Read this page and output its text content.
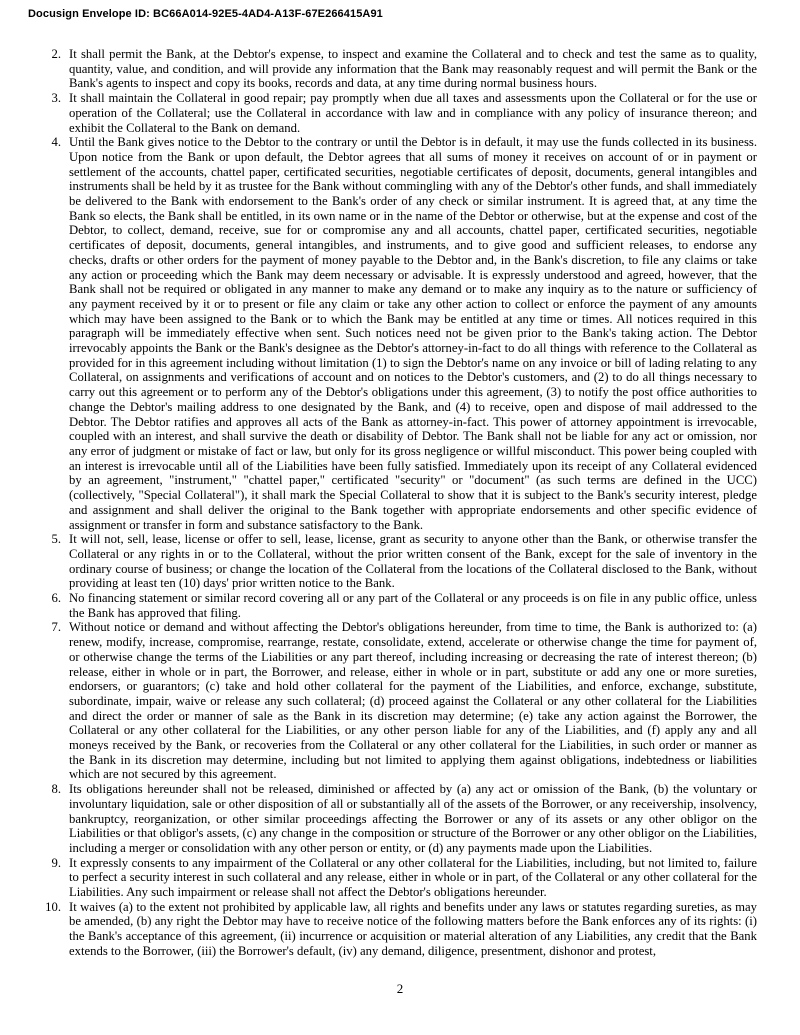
Docusign Envelope ID: BC66A014-92E5-4AD4-A13F-67E266415A91
2. It shall permit the Bank, at the Debtor's expense, to inspect and examine the Collateral and to check and test the same as to quality, quantity, value, and condition, and will provide any information that the Bank may reasonably request and will permit the Bank or the Bank's agents to inspect and copy its books, records and data, at any time during normal business hours.
3. It shall maintain the Collateral in good repair; pay promptly when due all taxes and assessments upon the Collateral or for the use or operation of the Collateral; use the Collateral in accordance with law and in compliance with any policy of insurance thereon; and exhibit the Collateral to the Bank on demand.
4. Until the Bank gives notice to the Debtor to the contrary or until the Debtor is in default, it may use the funds collected in its business. Upon notice from the Bank or upon default, the Debtor agrees that all sums of money it receives on account of or in payment or settlement of the accounts, chattel paper, certificated securities, negotiable certificates of deposit, documents, general intangibles and instruments shall be held by it as trustee for the Bank without commingling with any of the Debtor's other funds, and shall immediately be delivered to the Bank with endorsement to the Bank's order of any check or similar instrument. It is agreed that, at any time the Bank so elects, the Bank shall be entitled, in its own name or in the name of the Debtor or otherwise, but at the expense and cost of the Debtor, to collect, demand, receive, sue for or compromise any and all accounts, chattel paper, certificated securities, negotiable certificates of deposit, documents, general intangibles, and instruments, and to give good and sufficient releases, to endorse any checks, drafts or other orders for the payment of money payable to the Debtor and, in the Bank's discretion, to file any claims or take any action or proceeding which the Bank may deem necessary or advisable. It is expressly understood and agreed, however, that the Bank shall not be required or obligated in any manner to make any demand or to make any inquiry as to the nature or sufficiency of any payment received by it or to present or file any claim or take any other action to collect or enforce the payment of any amounts which may have been assigned to the Bank or to which the Bank may be entitled at any time or times. All notices required in this paragraph will be immediately effective when sent. Such notices need not be given prior to the Bank's taking action. The Debtor irrevocably appoints the Bank or the Bank's designee as the Debtor's attorney-in-fact to do all things with reference to the Collateral as provided for in this agreement including without limitation (1) to sign the Debtor's name on any invoice or bill of lading relating to any Collateral, on assignments and verifications of account and on notices to the Debtor's customers, and (2) to do all things necessary to carry out this agreement or to perform any of the Debtor's obligations under this agreement, (3) to notify the post office authorities to change the Debtor's mailing address to one designated by the Bank, and (4) to receive, open and dispose of mail addressed to the Debtor. The Debtor ratifies and approves all acts of the Bank as attorney-in-fact. This power of attorney appointment is irrevocable, coupled with an interest, and shall survive the death or disability of Debtor. The Bank shall not be liable for any act or omission, nor any error of judgment or mistake of fact or law, but only for its gross negligence or willful misconduct. This power being coupled with an interest is irrevocable until all of the Liabilities have been fully satisfied. Immediately upon its receipt of any Collateral evidenced by an agreement, "instrument," "chattel paper," certificated "security" or "document" (as such terms are defined in the UCC) (collectively, "Special Collateral"), it shall mark the Special Collateral to show that it is subject to the Bank's security interest, pledge and assignment and shall deliver the original to the Bank together with appropriate endorsements and other specific evidence of assignment or transfer in form and substance satisfactory to the Bank.
5. It will not, sell, lease, license or offer to sell, lease, license, grant as security to anyone other than the Bank, or otherwise transfer the Collateral or any rights in or to the Collateral, without the prior written consent of the Bank, except for the sale of inventory in the ordinary course of business; or change the location of the Collateral from the locations of the Collateral disclosed to the Bank, without providing at least ten (10) days' prior written notice to the Bank.
6. No financing statement or similar record covering all or any part of the Collateral or any proceeds is on file in any public office, unless the Bank has approved that filing.
7. Without notice or demand and without affecting the Debtor's obligations hereunder, from time to time, the Bank is authorized to: (a) renew, modify, increase, compromise, rearrange, restate, consolidate, extend, accelerate or otherwise change the time for payment of, or otherwise change the terms of the Liabilities or any part thereof, including increasing or decreasing the rate of interest thereon; (b) release, either in whole or in part, the Borrower, and release, either in whole or in part, substitute or add any one or more sureties, endorsers, or guarantors; (c) take and hold other collateral for the payment of the Liabilities, and enforce, exchange, substitute, subordinate, impair, waive or release any such collateral; (d) proceed against the Collateral or any other collateral for the Liabilities and direct the order or manner of sale as the Bank in its discretion may determine; (e) take any action against the Borrower, the Collateral or any other collateral for the Liabilities, or any other person liable for any of the Liabilities, and (f) apply any and all moneys received by the Bank, or recoveries from the Collateral or any other collateral for the Liabilities, in such order or manner as the Bank in its discretion may determine, including but not limited to applying them against obligations, indebtedness or liabilities which are not secured by this agreement.
8. Its obligations hereunder shall not be released, diminished or affected by (a) any act or omission of the Bank, (b) the voluntary or involuntary liquidation, sale or other disposition of all or substantially all of the assets of the Borrower, or any receivership, insolvency, bankruptcy, reorganization, or other similar proceedings affecting the Borrower or any of its assets or any other obligor on the Liabilities or that obligor's assets, (c) any change in the composition or structure of the Borrower or any other obligor on the Liabilities, including a merger or consolidation with any other person or entity, or (d) any payments made upon the Liabilities.
9. It expressly consents to any impairment of the Collateral or any other collateral for the Liabilities, including, but not limited to, failure to perfect a security interest in such collateral and any release, either in whole or in part, of the Collateral or any other collateral for the Liabilities. Any such impairment or release shall not affect the Debtor's obligations hereunder.
10. It waives (a) to the extent not prohibited by applicable law, all rights and benefits under any laws or statutes regarding sureties, as may be amended, (b) any right the Debtor may have to receive notice of the following matters before the Bank enforces any of its rights: (i) the Bank's acceptance of this agreement, (ii) incurrence or acquisition or material alteration of any Liabilities, any credit that the Bank extends to the Borrower, (iii) the Borrower's default, (iv) any demand, diligence, presentment, dishonor and protest,
2
